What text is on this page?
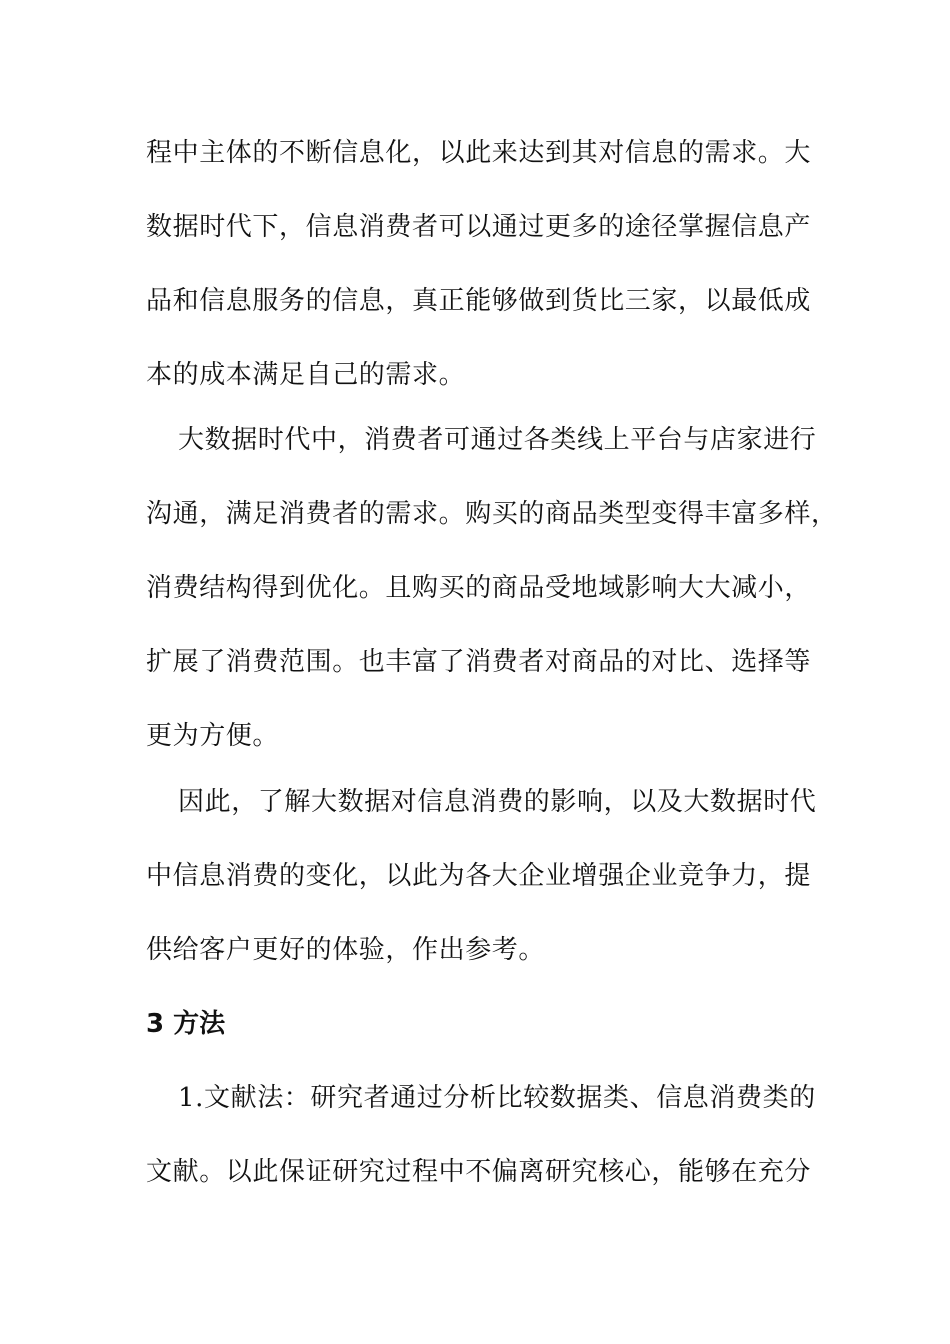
程中主体的不断信息化，以此来达到其对信息的需求。大
数据时代下，信息消费者可以通过更多的途径掌握信息产
品和信息服务的信息，真正能够做到货比三家，以最低成
本的成本满足自己的需求。
大数据时代中，消费者可通过各类线上平台与店家进行
沟通，满足消费者的需求。购买的商品类型变得丰富多样，
消费结构得到优化。且购买的商品受地域影响大大减小，
扩展了消费范围。也丰富了消费者对商品的对比、选择等
更为方便。
因此，了解大数据对信息消费的影响，以及大数据时代
中信息消费的变化，以此为各大企业增强企业竞争力，提
供给客户更好的体验，作出参考。
3 方法
1.文献法：研究者通过分析比较数据类、信息消费类的
文献。以此保证研究过程中不偏离研究核心，能够在充分
